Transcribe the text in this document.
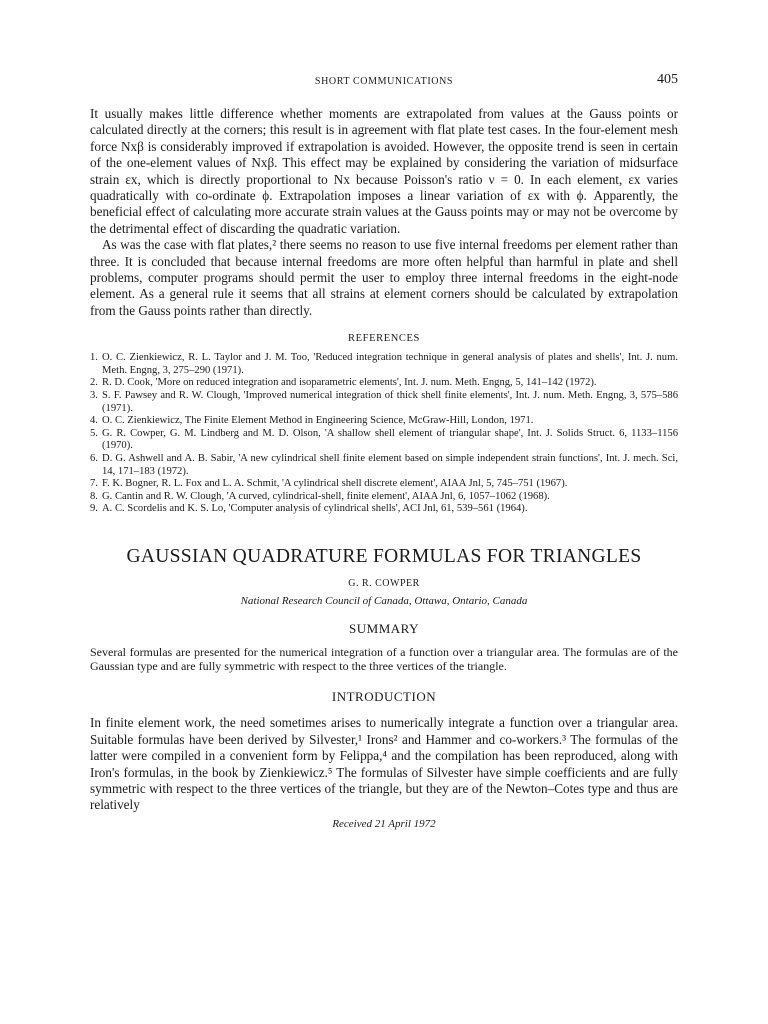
SHORT COMMUNICATIONS	405

It usually makes little difference whether moments are extrapolated from values at the Gauss points or calculated directly at the corners; this result is in agreement with flat plate test cases. In the four-element mesh force Nxβ is considerably improved if extrapolation is avoided. However, the opposite trend is seen in certain of the one-element values of Nxβ. This effect may be explained by considering the variation of midsurface strain εx, which is directly proportional to Nx because Poisson's ratio ν = 0. In each element, εx varies quadratically with co-ordinate ϕ. Extrapolation imposes a linear variation of εx with ϕ. Apparently, the beneficial effect of calculating more accurate strain values at the Gauss points may or may not be overcome by the detrimental effect of discarding the quadratic variation.

As was the case with flat plates,² there seems no reason to use five internal freedoms per element rather than three. It is concluded that because internal freedoms are more often helpful than harmful in plate and shell problems, computer programs should permit the user to employ three internal freedoms in the eight-node element. As a general rule it seems that all strains at element corners should be calculated by extrapolation from the Gauss points rather than directly.

REFERENCES
1. O. C. Zienkiewicz, R. L. Taylor and J. M. Too, 'Reduced integration technique in general analysis of plates and shells', Int. J. num. Meth. Engng, 3, 275–290 (1971).
2. R. D. Cook, 'More on reduced integration and isoparametric elements', Int. J. num. Meth. Engng, 5, 141–142 (1972).
3. S. F. Pawsey and R. W. Clough, 'Improved numerical integration of thick shell finite elements', Int. J. num. Meth. Engng, 3, 575–586 (1971).
4. O. C. Zienkiewicz, The Finite Element Method in Engineering Science, McGraw-Hill, London, 1971.
5. G. R. Cowper, G. M. Lindberg and M. D. Olson, 'A shallow shell element of triangular shape', Int. J. Solids Struct. 6, 1133–1156 (1970).
6. D. G. Ashwell and A. B. Sabir, 'A new cylindrical shell finite element based on simple independent strain functions', Int. J. mech. Sci, 14, 171–183 (1972).
7. F. K. Bogner, R. L. Fox and L. A. Schmit, 'A cylindrical shell discrete element', AIAA Jnl, 5, 745–751 (1967).
8. G. Cantin and R. W. Clough, 'A curved, cylindrical-shell, finite element', AIAA Jnl, 6, 1057–1062 (1968).
9. A. C. Scordelis and K. S. Lo, 'Computer analysis of cylindrical shells', ACI Jnl, 61, 539–561 (1964).
GAUSSIAN QUADRATURE FORMULAS FOR TRIANGLES
G. R. COWPER
National Research Council of Canada, Ottawa, Ontario, Canada
SUMMARY

Several formulas are presented for the numerical integration of a function over a triangular area. The formulas are of the Gaussian type and are fully symmetric with respect to the three vertices of the triangle.

INTRODUCTION

In finite element work, the need sometimes arises to numerically integrate a function over a triangular area. Suitable formulas have been derived by Silvester,¹ Irons² and Hammer and co-workers.³ The formulas of the latter were compiled in a convenient form by Felippa,⁴ and the compilation has been reproduced, along with Iron's formulas, in the book by Zienkiewicz.⁵ The formulas of Silvester have simple coefficients and are fully symmetric with respect to the three vertices of the triangle, but they are of the Newton–Cotes type and thus are relatively

Received 21 April 1972
